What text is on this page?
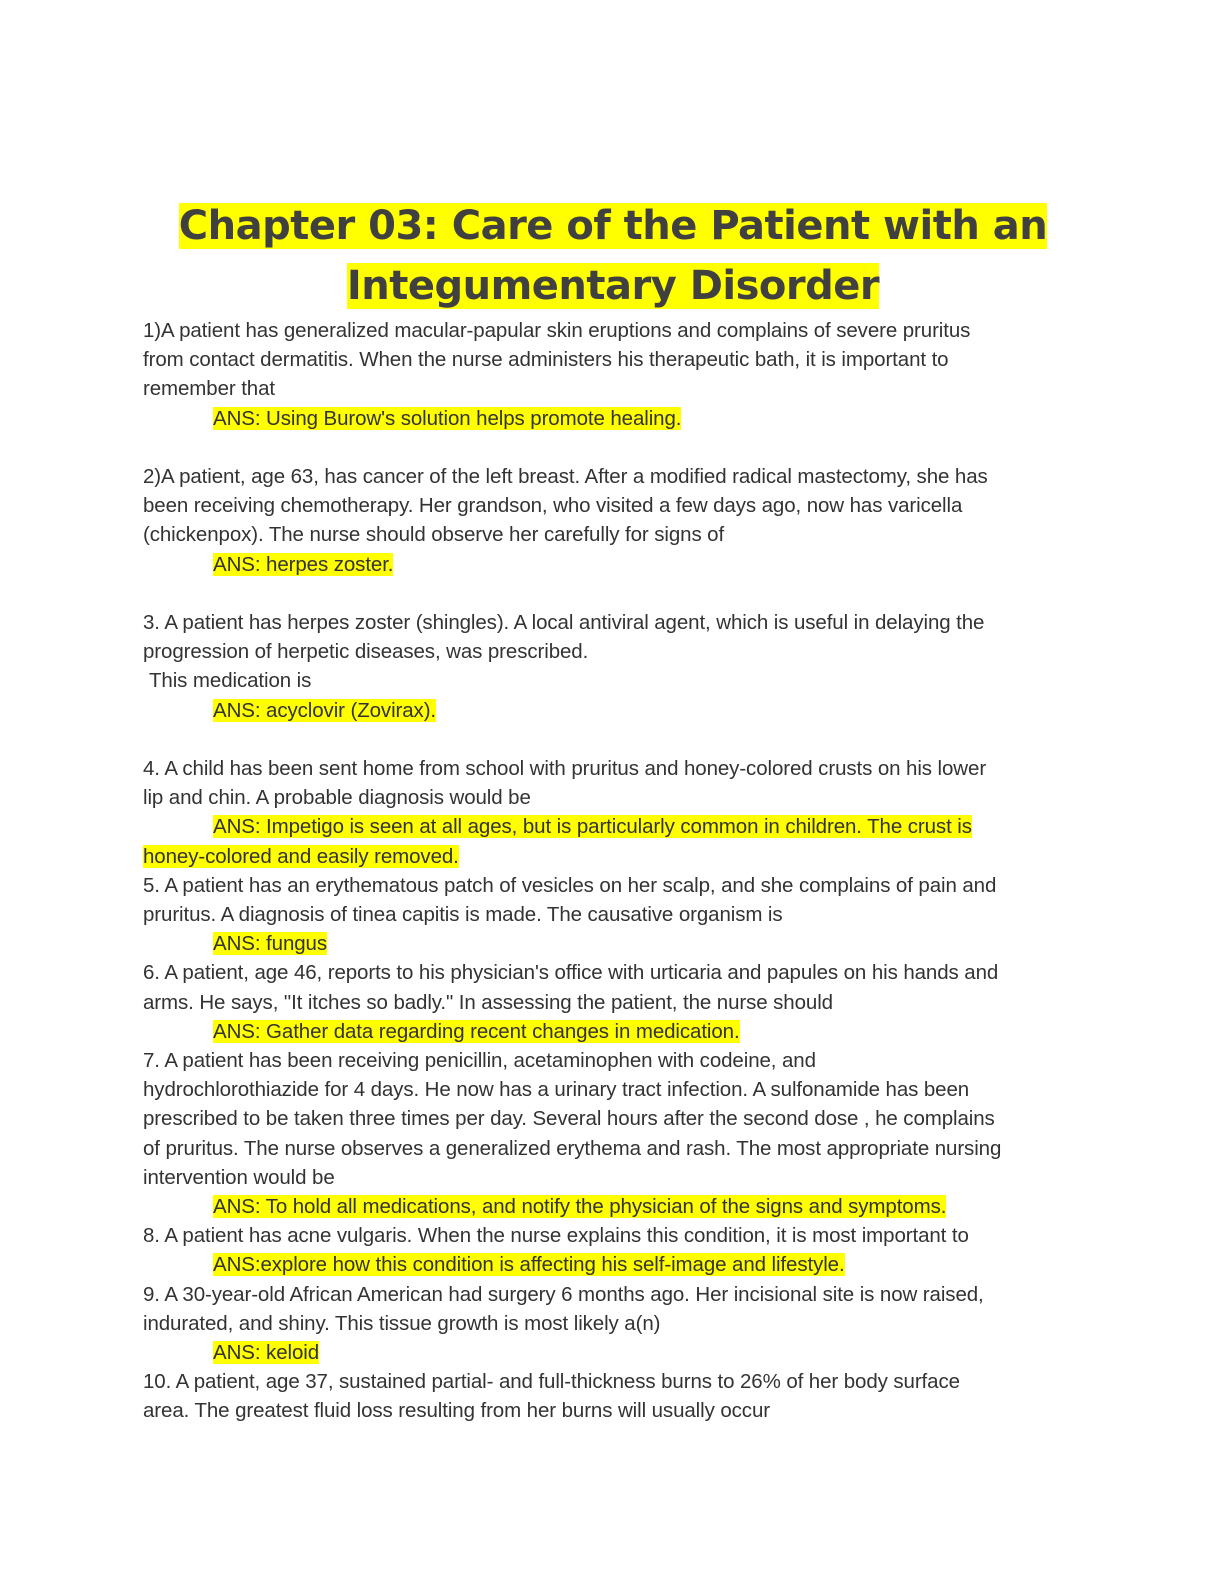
Chapter 03: Care of the Patient with an
Integumentary Disorder

1)A patient has generalized macular-papular skin eruptions and complains of severe pruritus
from contact dermatitis. When the nurse administers his therapeutic bath, it is important to
remember that

ANS: Using Burow's solution helps promote healing.

2)A patient, age 63, has cancer of the left breast. After a modified radical mastectomy, she has
been receiving chemotherapy. Her grandson, who visited a few days ago, now has varicella
(chickenpox). The nurse should observe her carefully for signs of

ANS: herpes zoster.

3. A patient has herpes zoster (shingles). A local antiviral agent, which is useful in delaying the
progression of herpetic diseases, was prescribed.
This medication is

ANS: acyclovir (Zovirax).

4. A child has been sent home from school with pruritus and honey-colored crusts on his lower
lip and chin. A probable diagnosis would be

ANS: Impetigo is seen at all ages, but is particularly common in children. The crust is
honey-colored and easily removed.

5. A patient has an erythematous patch of vesicles on her scalp, and she complains of pain and
pruritus. A diagnosis of tinea capitis is made. The causative organism is

ANS: fungus

6. A patient, age 46, reports to his physician's office with urticaria and papules on his hands and
arms. He says, "It itches so badly." In assessing the patient, the nurse should

ANS: Gather data regarding recent changes in medication.

7. A patient has been receiving penicillin, acetaminophen with codeine, and
hydrochlorothiazide for 4 days. He now has a urinary tract infection. A sulfonamide has been
prescribed to be taken three times per day. Several hours after the second dose , he complains
of pruritus. The nurse observes a generalized erythema and rash. The most appropriate nursing
intervention would be

ANS: To hold all medications, and notify the physician of the signs and symptoms.

8. A patient has acne vulgaris. When the nurse explains this condition, it is most important to

ANS:explore how this condition is affecting his self-image and lifestyle.

9. A 30-year-old African American had surgery 6 months ago. Her incisional site is now raised,
indurated, and shiny. This tissue growth is most likely a(n)

ANS: keloid

10. A patient, age 37, sustained partial- and full-thickness burns to 26% of her body surface
area. The greatest fluid loss resulting from her burns will usually occur
